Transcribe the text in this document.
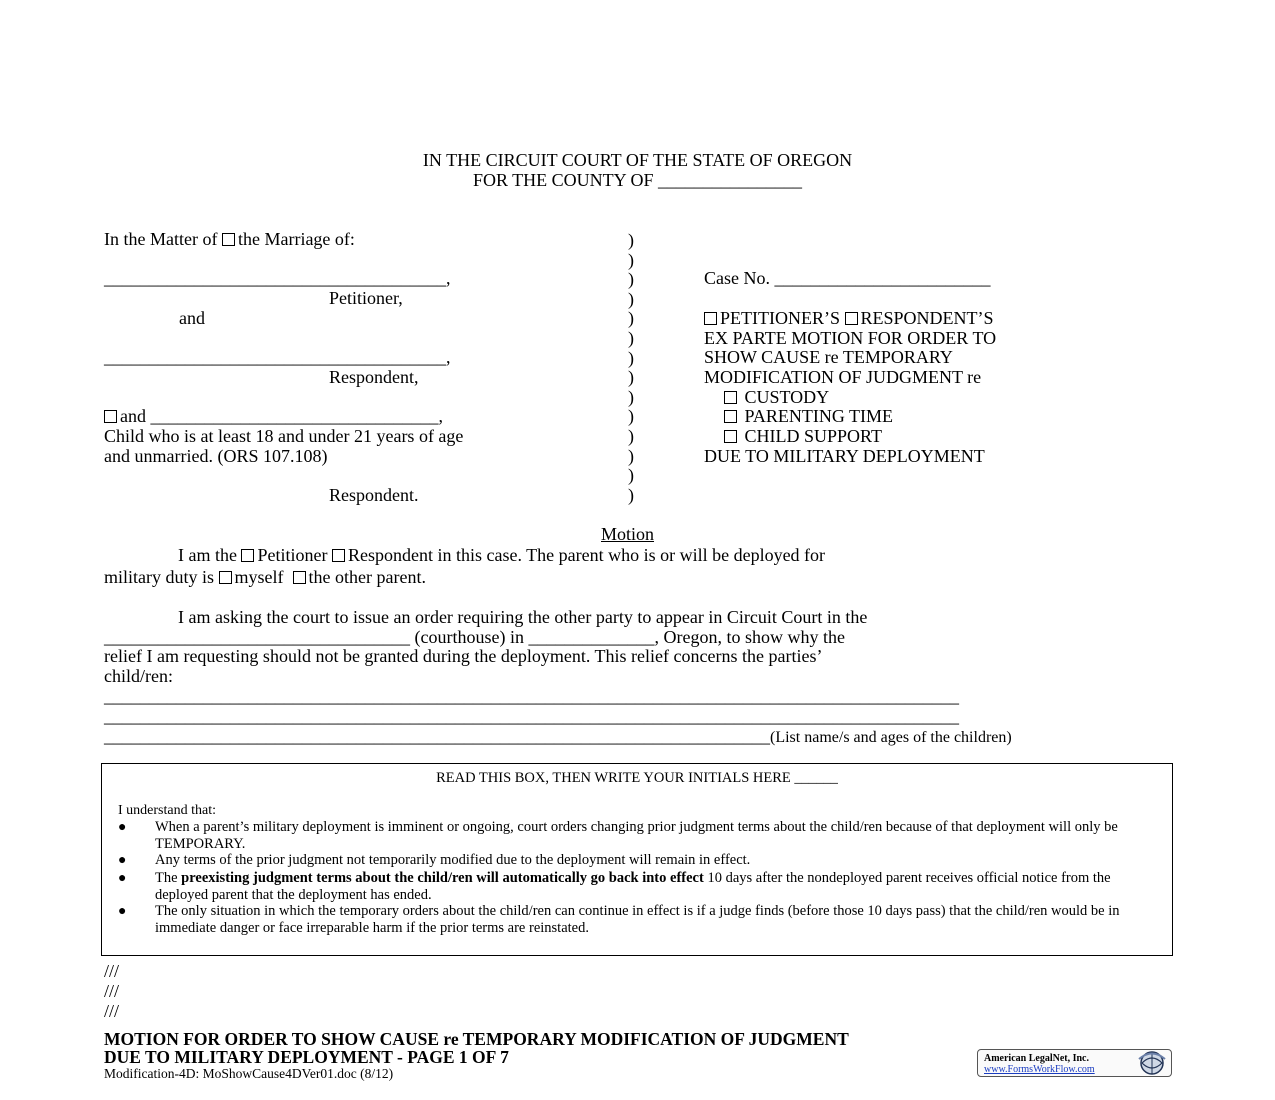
IN THE CIRCUIT COURT OF THE STATE OF OREGON
FOR THE COUNTY OF ________________
In the Matter of the Marriage of:
______________________________________,
Petitioner,
and
______________________________________,
Respondent,
and ________________________________,
Child who is at least 18 and under 21 years of age
and unmarried. (ORS 107.108)
Respondent.
)
)
)
)
)
)
)
)
)
)
)
)
)
)
Case No. ________________________
PETITIONER’S RESPONDENT’S
EX PARTE MOTION FOR ORDER TO
SHOW CAUSE re TEMPORARY
MODIFICATION OF JUDGMENT re
CUSTODY
PARENTING TIME
CHILD SUPPORT
DUE TO MILITARY DEPLOYMENT
Motion
I am the Petitioner Respondent in this case. The parent who is or will be deployed for
military duty is myself the other parent.
I am asking the court to issue an order requiring the other party to appear in Circuit Court in the
__________________________________ (courthouse) in ______________, Oregon, to show why the
relief I am requesting should not be granted during the deployment. This relief concerns the parties’
child/ren:
_______________________________________________________________________________________________
_______________________________________________________________________________________________
__________________________________________________________________________(List name/s and ages of the children)
READ THIS BOX, THEN WRITE YOUR INITIALS HERE ______
I understand that:
● When a parent’s military deployment is imminent or ongoing, court orders changing prior judgment terms about the child/ren because of that deployment will only be TEMPORARY.
● Any terms of the prior judgment not temporarily modified due to the deployment will remain in effect.
● The preexisting judgment terms about the child/ren will automatically go back into effect 10 days after the nondeployed parent receives official notice from the deployed parent that the deployment has ended.
● The only situation in which the temporary orders about the child/ren can continue in effect is if a judge finds (before those 10 days pass) that the child/ren would be in immediate danger or face irreparable harm if the prior terms are reinstated.
///
///
///
MOTION FOR ORDER TO SHOW CAUSE re TEMPORARY MODIFICATION OF JUDGMENT
DUE TO MILITARY DEPLOYMENT - PAGE 1 OF 7
Modification-4D: MoShowCause4DVer01.doc (8/12)
American LegalNet, Inc.
www.FormsWorkFlow.com
